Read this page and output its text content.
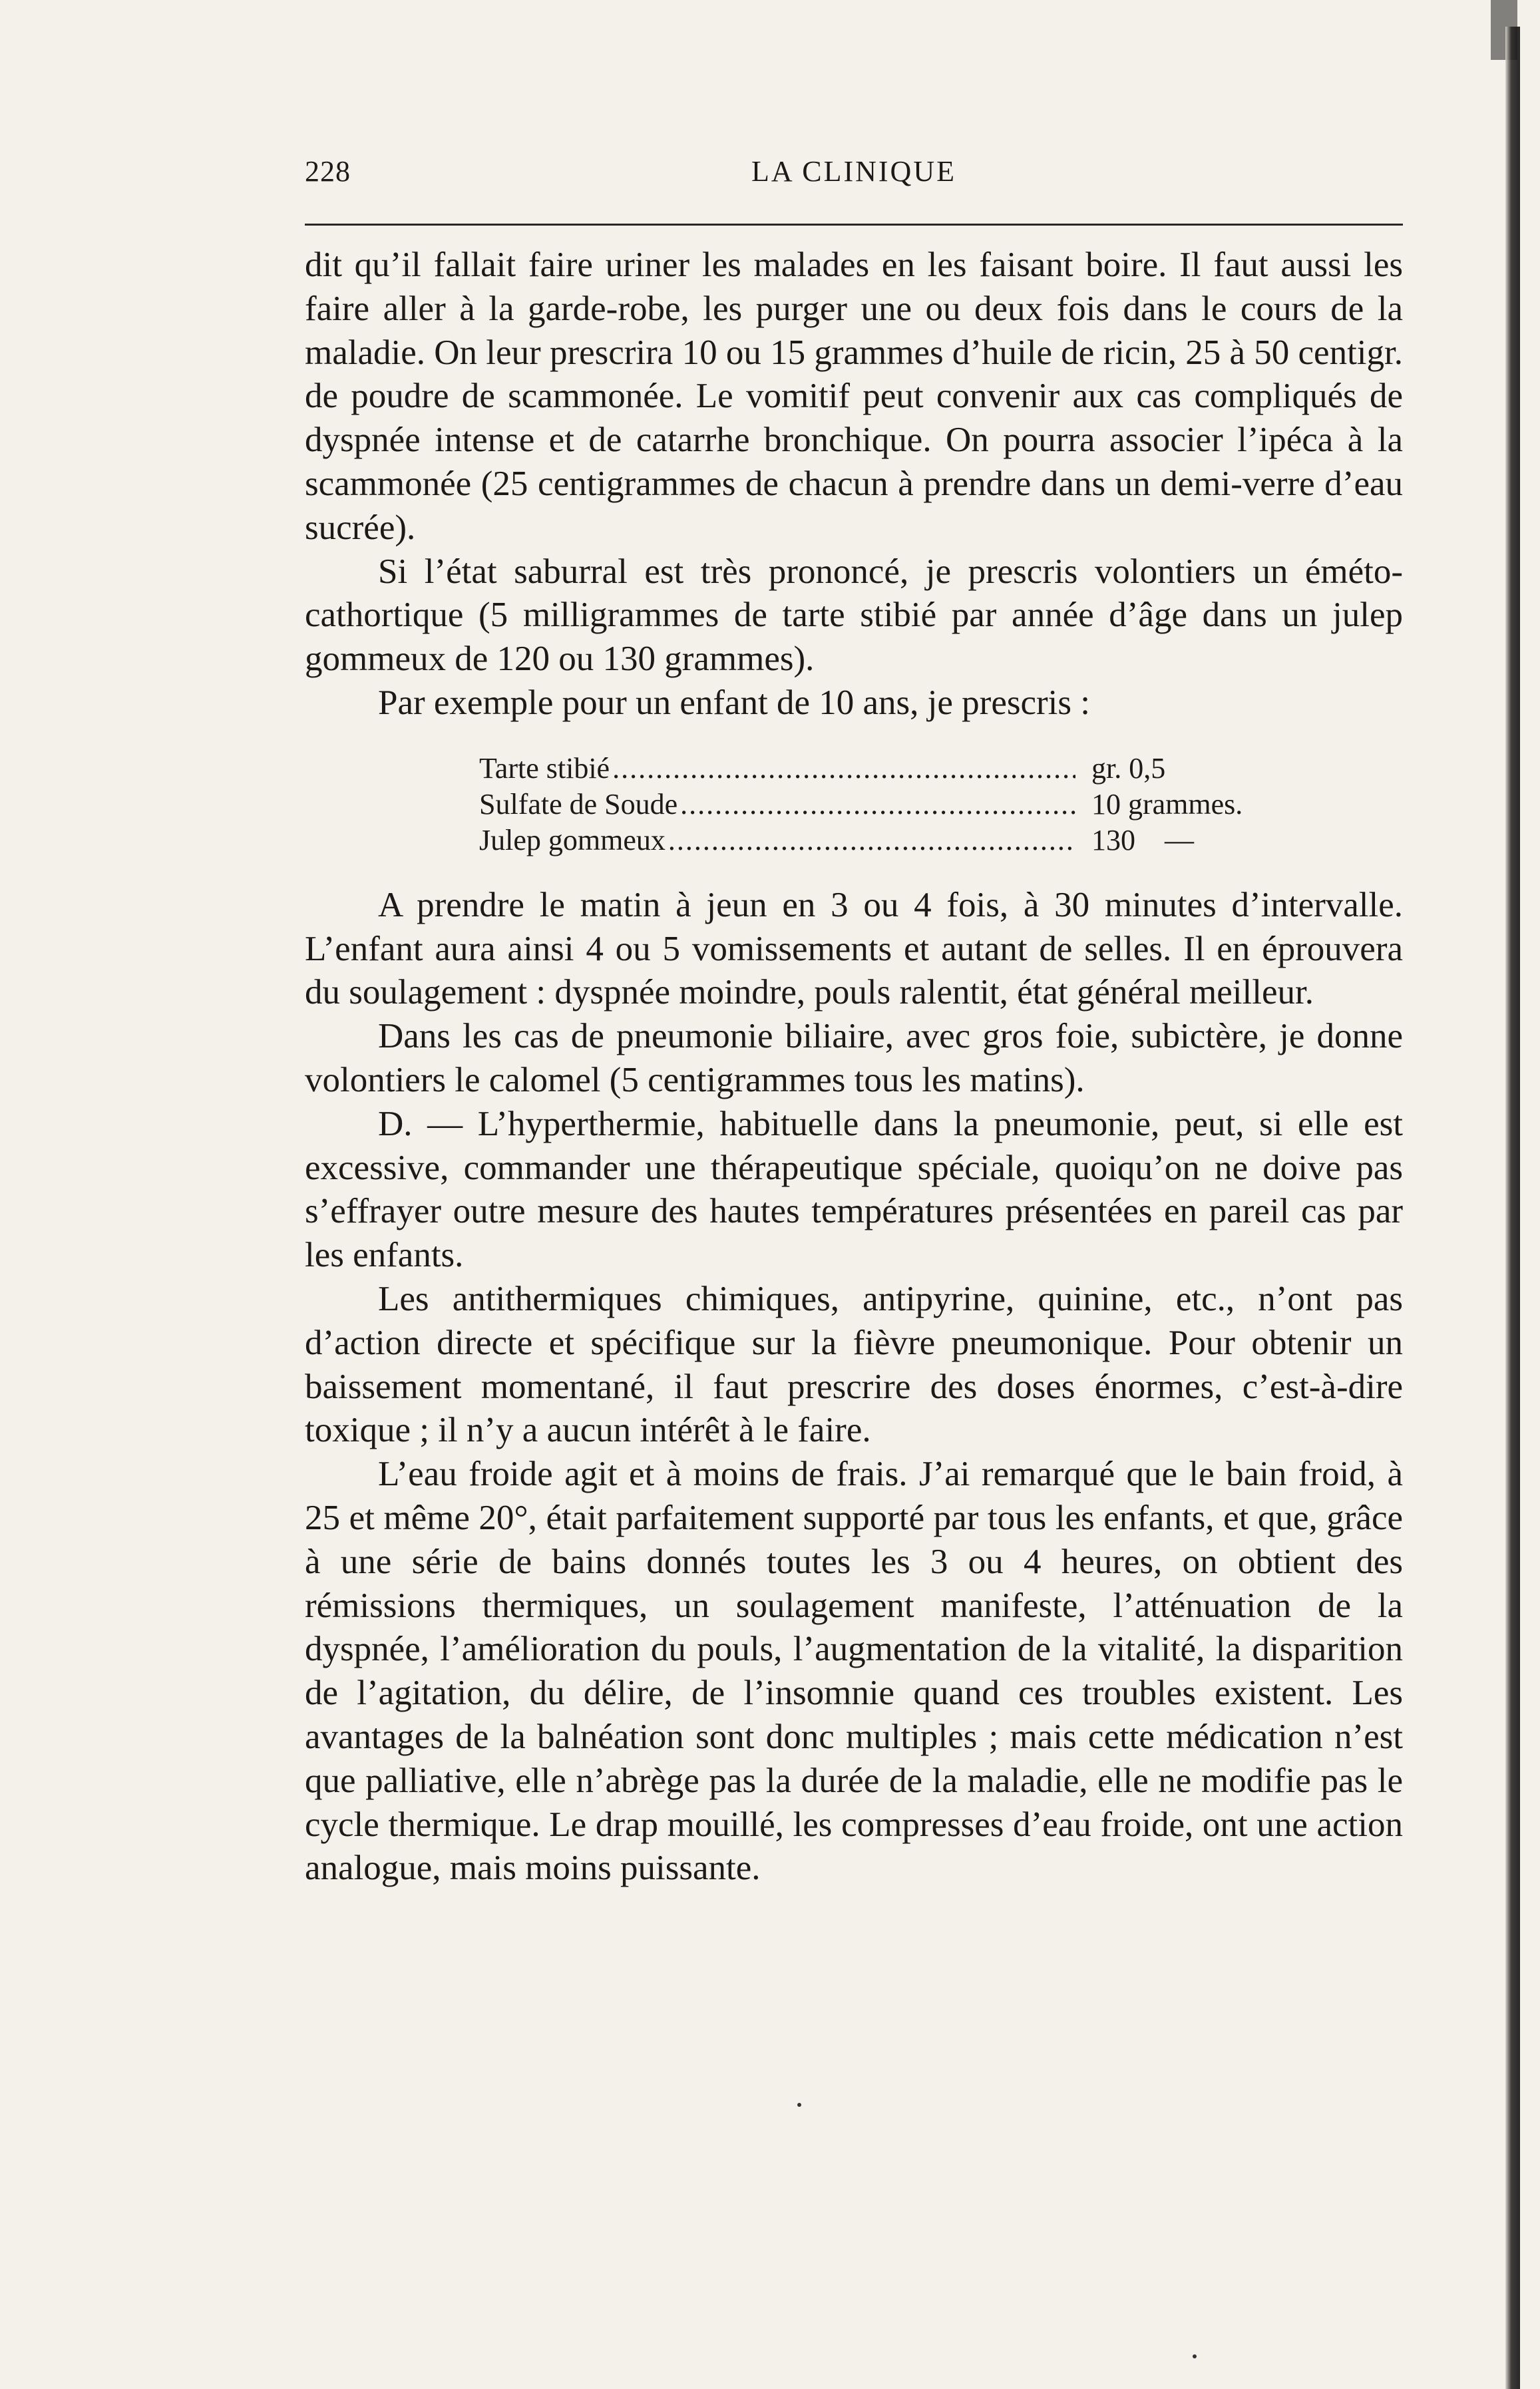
228	LA CLINIQUE

dit qu’il fallait faire uriner les malades en les faisant boire. Il faut aussi les faire aller à la garde-robe, les purger une ou deux fois dans le cours de la maladie. On leur prescrira 10 ou 15 grammes d’huile de ricin, 25 à 50 centigr. de poudre de scammonée. Le vomitif peut convenir aux cas compliqués de dyspnée intense et de catarrhe bronchique. On pourra associer l’ipéca à la scammonée (25 centigrammes de chacun à prendre dans un demi-verre d’eau sucrée).

Si l’état saburral est très prononcé, je prescris volontiers un éméto-cathortique (5 milligrammes de tarte stibié par année d’âge dans un julep gommeux de 120 ou 130 grammes).

Par exemple pour un enfant de 10 ans, je prescris :

Tarte stibié .....	gr. 0,5
Sulfate de Soude .....	10 grammes.
Julep gommeux .....	130    —

A prendre le matin à jeun en 3 ou 4 fois, à 30 minutes d’intervalle. L’enfant aura ainsi 4 ou 5 vomissements et autant de selles. Il en éprouvera du soulagement : dyspnée moindre, pouls ralentit, état général meilleur.

Dans les cas de pneumonie biliaire, avec gros foie, subictère, je donne volontiers le calomel (5 centigrammes tous les matins).

D. — L’hyperthermie, habituelle dans la pneumonie, peut, si elle est excessive, commander une thérapeutique spéciale, quoiqu’on ne doive pas s’effrayer outre mesure des hautes températures présentées en pareil cas par les enfants.

Les antithermiques chimiques, antipyrine, quinine, etc., n’ont pas d’action directe et spécifique sur la fièvre pneumonique. Pour obtenir un baissement momentané, il faut prescrire des doses énormes, c’est-à-dire toxique ; il n’y a aucun intérêt à le faire.

L’eau froide agit et à moins de frais. J’ai remarqué que le bain froid, à 25 et même 20°, était parfaitement supporté par tous les enfants, et que, grâce à une série de bains donnés toutes les 3 ou 4 heures, on obtient des rémissions thermiques, un soulagement manifeste, l’atténuation de la dyspnée, l’amélioration du pouls, l’augmentation de la vitalité, la disparition de l’agitation, du délire, de l’insomnie quand ces troubles existent. Les avantages de la balnéation sont donc multiples ; mais cette médication n’est que palliative, elle n’abrège pas la durée de la maladie, elle ne modifie pas le cycle thermique. Le drap mouillé, les compresses d’eau froide, ont une action analogue, mais moins puissante.
